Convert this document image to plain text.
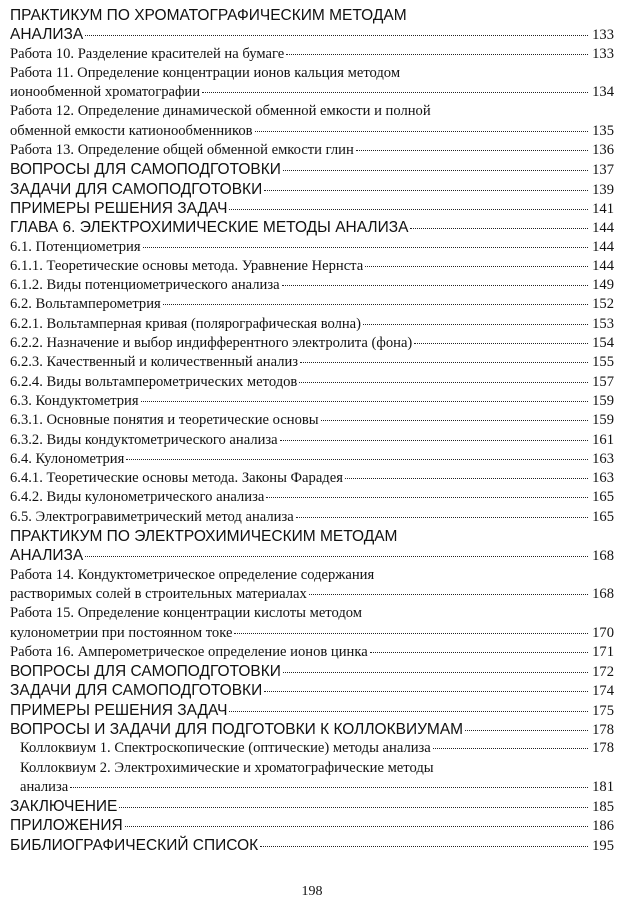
ПРАКТИКУМ ПО ХРОМАТОГРАФИЧЕСКИМ МЕТОДАМ
АНАЛИЗА	133
Работа 10. Разделение красителей на бумаге	133
Работа 11. Определение концентрации ионов кальция методом
ионообменной хроматографии	134
Работа 12. Определение динамической обменной емкости и полной
обменной емкости катионообменников	135
Работа 13. Определение общей обменной емкости глин	136
ВОПРОСЫ ДЛЯ САМОПОДГОТОВКИ	137
ЗАДАЧИ ДЛЯ САМОПОДГОТОВКИ	139
ПРИМЕРЫ РЕШЕНИЯ ЗАДАЧ	141
ГЛАВА 6. ЭЛЕКТРОХИМИЧЕСКИЕ МЕТОДЫ АНАЛИЗА	144
6.1. Потенциометрия	144
6.1.1. Теоретические основы метода. Уравнение Нернста	144
6.1.2. Виды потенциометрического анализа	149
6.2. Вольтамперометрия	152
6.2.1. Вольтамперная кривая (полярографическая волна)	153
6.2.2. Назначение и выбор индифферентного электролита (фона)	154
6.2.3. Качественный и количественный анализ	155
6.2.4. Виды вольтамперометрических методов	157
6.3. Кондуктометрия	159
6.3.1. Основные понятия и теоретические основы	159
6.3.2. Виды кондуктометрического анализа	161
6.4. Кулонометрия	163
6.4.1. Теоретические основы метода. Законы Фарадея	163
6.4.2. Виды кулонометрического анализа	165
6.5. Электрогравиметрический метод анализа	165
ПРАКТИКУМ ПО ЭЛЕКТРОХИМИЧЕСКИМ МЕТОДАМ
АНАЛИЗА	168
Работа 14. Кондуктометрическое определение содержания
растворимых солей в строительных материалах	168
Работа 15. Определение концентрации кислоты методом
кулонометрии при постоянном токе	170
Работа 16. Амперометрическое определение ионов цинка	171
ВОПРОСЫ ДЛЯ САМОПОДГОТОВКИ	172
ЗАДАЧИ ДЛЯ САМОПОДГОТОВКИ	174
ПРИМЕРЫ РЕШЕНИЯ ЗАДАЧ	175
ВОПРОСЫ И ЗАДАЧИ ДЛЯ ПОДГОТОВКИ К КОЛЛОКВИУМАМ	178
Коллоквиум 1. Спектроскопические (оптические) методы анализа	178
Коллоквиум 2. Электрохимические и хроматографические методы
анализа	181
ЗАКЛЮЧЕНИЕ	185
ПРИЛОЖЕНИЯ	186
БИБЛИОГРАФИЧЕСКИЙ СПИСОК	195
198
